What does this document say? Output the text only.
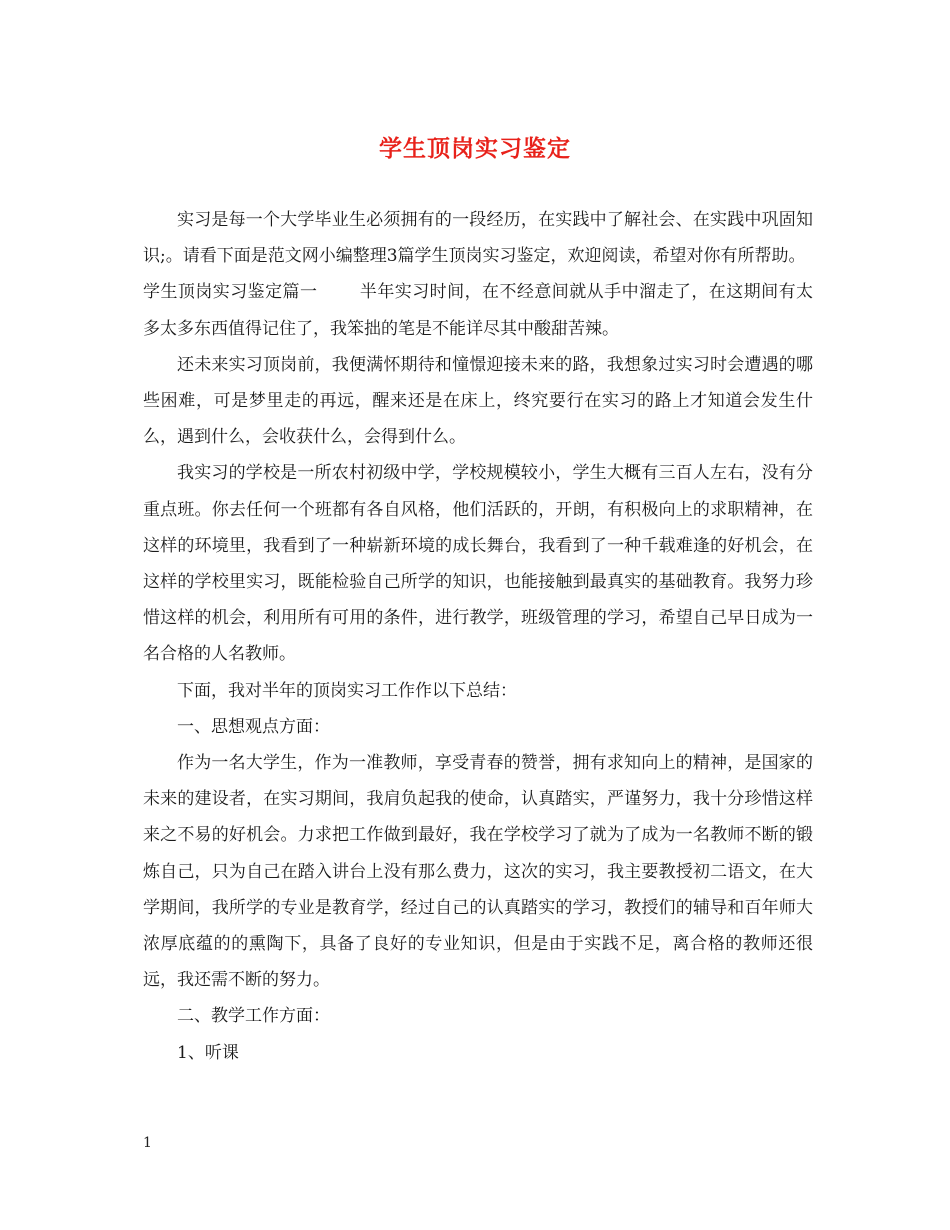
学生顶岗实习鉴定

实习是每一个大学毕业生必须拥有的一段经历，在实践中了解社会、在实践中巩固知识;。请看下面是范文网小编整理3篇学生顶岗实习鉴定，欢迎阅读，希望对你有所帮助。

学生顶岗实习鉴定篇一 半年实习时间，在不经意间就从手中溜走了，在这期间有太多太多东西值得记住了，我笨拙的笔是不能详尽其中酸甜苦辣。

还未来实习顶岗前，我便满怀期待和憧憬迎接未来的路，我想象过实习时会遭遇的哪些困难，可是梦里走的再远，醒来还是在床上，终究要行在实习的路上才知道会发生什么，遇到什么，会收获什么，会得到什么。

我实习的学校是一所农村初级中学，学校规模较小，学生大概有三百人左右，没有分重点班。你去任何一个班都有各自风格，他们活跃的，开朗，有积极向上的求职精神，在这样的环境里，我看到了一种崭新环境的成长舞台，我看到了一种千载难逢的好机会，在这样的学校里实习，既能检验自己所学的知识，也能接触到最真实的基础教育。我努力珍惜这样的机会，利用所有可用的条件，进行教学，班级管理的学习，希望自己早日成为一名合格的人名教师。

下面，我对半年的顶岗实习工作作以下总结：

一、思想观点方面：

作为一名大学生，作为一准教师，享受青春的赞誉，拥有求知向上的精神，是国家的未来的建设者，在实习期间，我肩负起我的使命，认真踏实，严谨努力，我十分珍惜这样来之不易的好机会。力求把工作做到最好，我在学校学习了就为了成为一名教师不断的锻炼自己，只为自己在踏入讲台上没有那么费力，这次的实习，我主要教授初二语文，在大学期间，我所学的专业是教育学，经过自己的认真踏实的学习，教授们的辅导和百年师大浓厚底蕴的的熏陶下，具备了良好的专业知识，但是由于实践不足，离合格的教师还很远，我还需不断的努力。

二、教学工作方面：

1、听课

1
